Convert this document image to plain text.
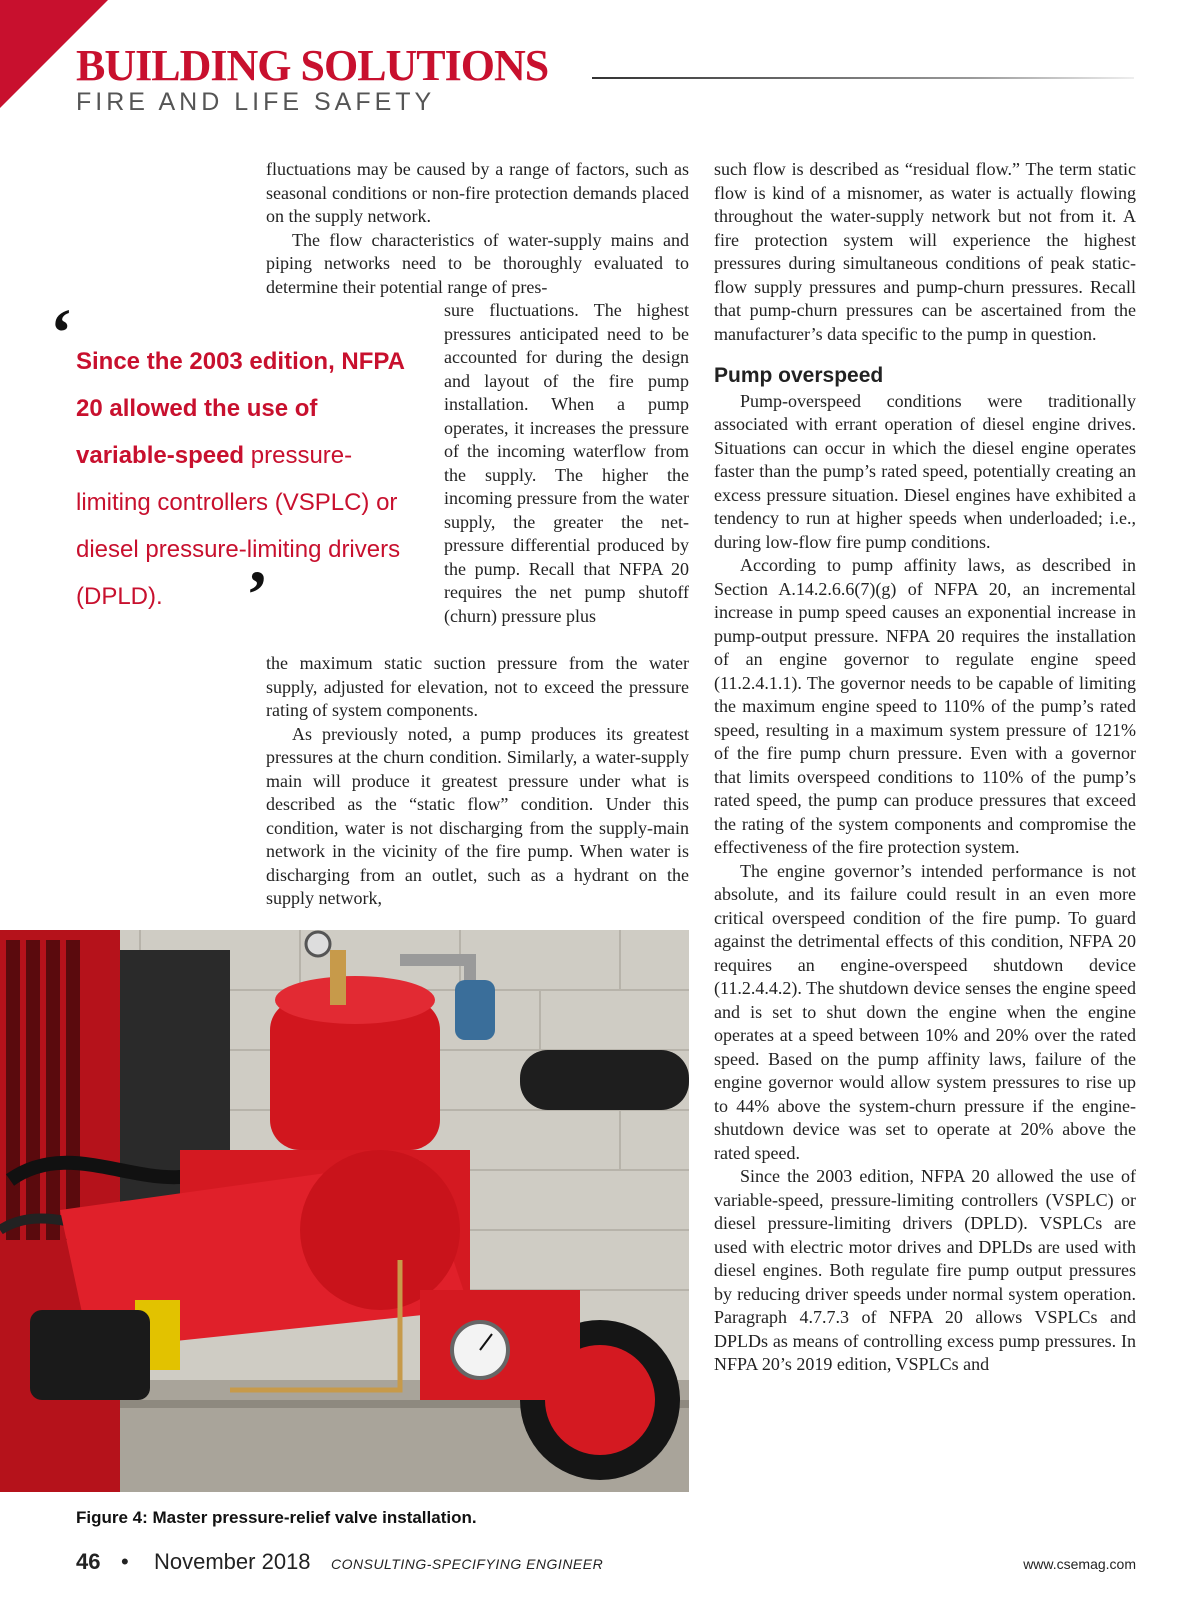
BUILDING SOLUTIONS
FIRE AND LIFE SAFETY
‘ Since the 2003 edition, NFPA 20 allowed the use of variable-speed pressure-limiting controllers (VSPLC) or diesel pressure-limiting drivers (DPLD).	’

fluctuations may be caused by a range of factors, such as seasonal conditions or non-fire protection demands placed on the supply network.

The flow characteristics of water-supply mains and piping networks need to be thoroughly evaluated to determine their potential range of pres-

sure fluctuations. The highest pressures anticipated need to be accounted for during the design and layout of the fire pump installation. When a pump operates, it increases the pressure of the incoming waterflow from the supply. The higher the incoming pressure from the water supply, the greater the net-pressure differential produced by the pump. Recall that NFPA 20 requires the net pump shutoff (churn) pressure plus

the maximum static suction pressure from the water supply, adjusted for elevation, not to exceed the pressure rating of system components.

As previously noted, a pump produces its greatest pressures at the churn condition. Similarly, a water-supply main will produce it greatest pressure under what is described as the “static flow” condition. Under this condition, water is not discharging from the supply-main network in the vicinity of the fire pump. When water is discharging from an outlet, such as a hydrant on the supply network,

such flow is described as “residual flow.” The term static flow is kind of a misnomer, as water is actually flowing throughout the water-supply network but not from it. A fire protection system will experience the highest pressures during simultaneous conditions of peak static-flow supply pressures and pump-churn pressures. Recall that pump-churn pressures can be ascertained from the manufacturer’s data specific to the pump in question.

Pump overspeed

Pump-overspeed conditions were traditionally associated with errant operation of diesel engine drives. Situations can occur in which the diesel engine operates faster than the pump’s rated speed, potentially creating an excess pressure situation. Diesel engines have exhibited a tendency to run at higher speeds when underloaded; i.e., during low-flow fire pump conditions.

According to pump affinity laws, as described in Section A.14.2.6.6(7)(g) of NFPA 20, an incremental increase in pump speed causes an exponential increase in pump-output pressure. NFPA 20 requires the installation of an engine governor to regulate engine speed (11.2.4.1.1). The governor needs to be capable of limiting the maximum engine speed to 110% of the pump’s rated speed, resulting in a maximum system pressure of 121% of the fire pump churn pressure. Even with a governor that limits overspeed conditions to 110% of the pump’s rated speed, the pump can produce pressures that exceed the rating of the system components and compromise the effectiveness of the fire protection system.

The engine governor’s intended performance is not absolute, and its failure could result in an even more critical overspeed condition of the fire pump. To guard against the detrimental effects of this condition, NFPA 20 requires an engine-overspeed shutdown device (11.2.4.4.2). The shutdown device senses the engine speed and is set to shut down the engine when the engine operates at a speed between 10% and 20% over the rated speed. Based on the pump affinity laws, failure of the engine governor would allow system pressures to rise up to 44% above the system-churn pressure if the engine-shutdown device was set to operate at 20% above the rated speed.

Since the 2003 edition, NFPA 20 allowed the use of variable-speed, pressure-limiting controllers (VSPLC) or diesel pressure-limiting drivers (DPLD). VSPLCs are used with electric motor drives and DPLDs are used with diesel engines. Both regulate fire pump output pressures by reducing driver speeds under normal system operation. Paragraph 4.7.7.3 of NFPA 20 allows VSPLCs and DPLDs as means of controlling excess pump pressures. In NFPA 20’s 2019 edition, VSPLCs and

Figure 4: Master pressure-relief valve installation.
46 • November 2018 CONSULTING-SPECIFYING ENGINEER	www.csemag.com
